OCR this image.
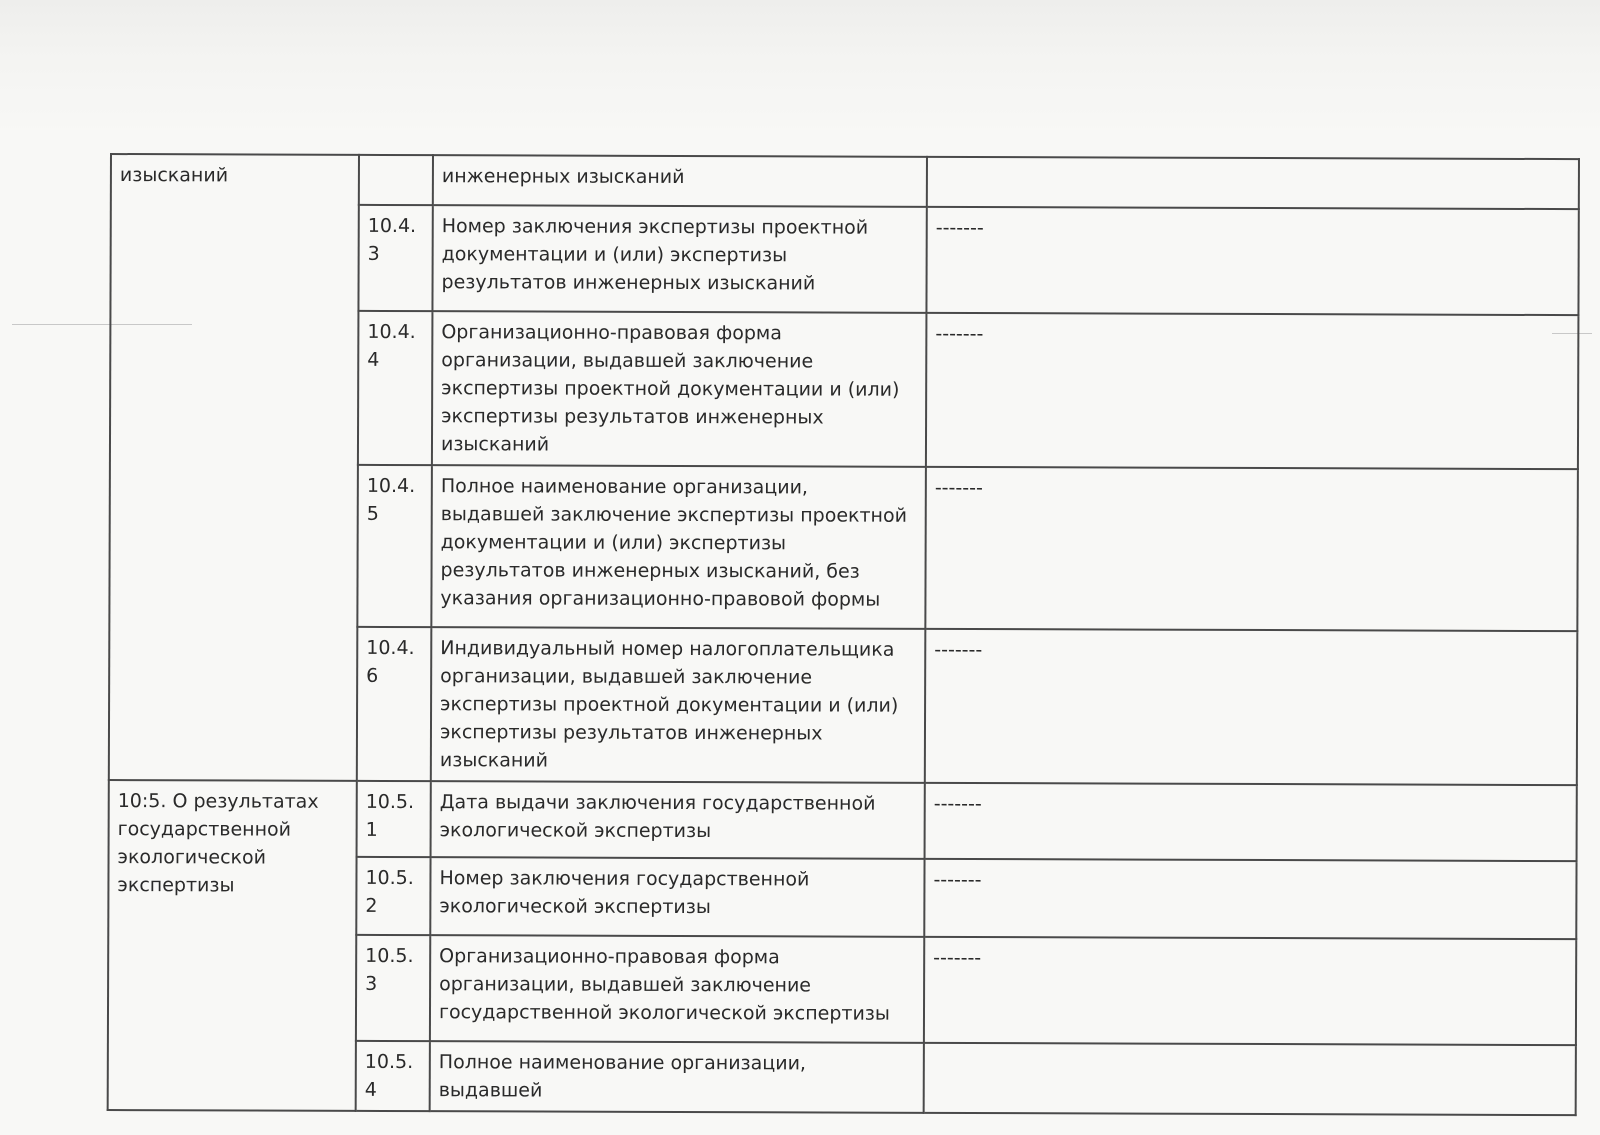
изысканий		инженерных изысканий	
	10.4.3	Номер заключения экспертизы проектной документации и (или) экспертизы результатов инженерных изысканий	-------
	10.4.4	Организационно-правовая форма организации, выдавшей заключение экспертизы проектной документации и (или) экспертизы результатов инженерных изысканий	-------
	10.4.5	Полное наименование организации, выдавшей заключение экспертизы проектной документации и (или) экспертизы результатов инженерных изысканий, без указания организационно-правовой формы	-------
	10.4.6	Индивидуальный номер налогоплательщика организации, выдавшей заключение экспертизы проектной документации и (или) экспертизы результатов инженерных изысканий	-------
10:5. О результатах государственной экологической экспертизы	10.5.1	Дата выдачи заключения государственной экологической экспертизы	-------
	10.5.2	Номер заключения государственной экологической экспертизы	-------
	10.5.3	Организационно-правовая форма организации, выдавшей заключение государственной экологической экспертизы	-------
	10.5.4	Полное наименование организации, выдавшей	
